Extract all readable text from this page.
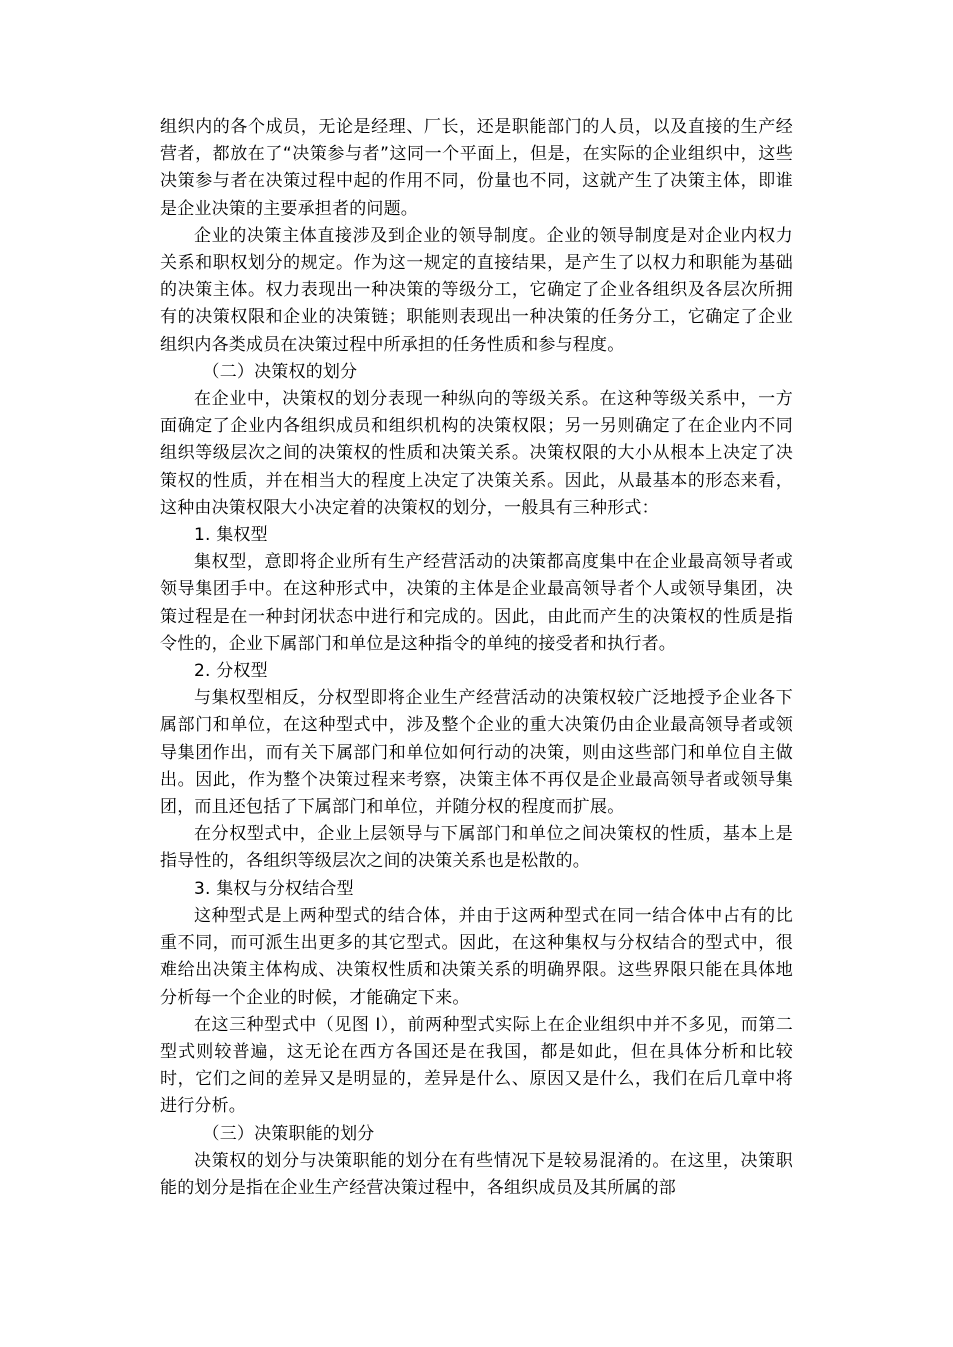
组织内的各个成员，无论是经理、厂长，还是职能部门的人员，以及直接的生产经营者，都放在了“决策参与者”这同一个平面上，但是，在实际的企业组织中，这些决策参与者在决策过程中起的作用不同，份量也不同，这就产生了决策主体，即谁是企业决策的主要承担者的问题。

企业的决策主体直接涉及到企业的领导制度。企业的领导制度是对企业内权力关系和职权划分的规定。作为这一规定的直接结果，是产生了以权力和职能为基础的决策主体。权力表现出一种决策的等级分工，它确定了企业各组织及各层次所拥有的决策权限和企业的决策链；职能则表现出一种决策的任务分工，它确定了企业组织内各类成员在决策过程中所承担的任务性质和参与程度。

（二）决策权的划分

在企业中，决策权的划分表现一种纵向的等级关系。在这种等级关系中，一方面确定了企业内各组织成员和组织机构的决策权限；另一另则确定了在企业内不同组织等级层次之间的决策权的性质和决策关系。决策权限的大小从根本上决定了决策权的性质，并在相当大的程度上决定了决策关系。因此，从最基本的形态来看，这种由决策权限大小决定着的决策权的划分，一般具有三种形式：

1. 集权型

集权型，意即将企业所有生产经营活动的决策都高度集中在企业最高领导者或领导集团手中。在这种形式中，决策的主体是企业最高领导者个人或领导集团，决策过程是在一种封闭状态中进行和完成的。因此，由此而产生的决策权的性质是指令性的，企业下属部门和单位是这种指令的单纯的接受者和执行者。

2. 分权型

与集权型相反，分权型即将企业生产经营活动的决策权较广泛地授予企业各下属部门和单位，在这种型式中，涉及整个企业的重大决策仍由企业最高领导者或领导集团作出，而有关下属部门和单位如何行动的决策，则由这些部门和单位自主做出。因此，作为整个决策过程来考察，决策主体不再仅是企业最高领导者或领导集团，而且还包括了下属部门和单位，并随分权的程度而扩展。

在分权型式中，企业上层领导与下属部门和单位之间决策权的性质，基本上是指导性的，各组织等级层次之间的决策关系也是松散的。

3. 集权与分权结合型

这种型式是上两种型式的结合体，并由于这两种型式在同一结合体中占有的比重不同，而可派生出更多的其它型式。因此，在这种集权与分权结合的型式中，很难给出决策主体构成、决策权性质和决策关系的明确界限。这些界限只能在具体地分析每一个企业的时候，才能确定下来。

在这三种型式中（见图 I），前两种型式实际上在企业组织中并不多见，而第二型式则较普遍，这无论在西方各国还是在我国，都是如此，但在具体分析和比较时，它们之间的差异又是明显的，差异是什么、原因又是什么，我们在后几章中将进行分析。

（三）决策职能的划分

决策权的划分与决策职能的划分在有些情况下是较易混淆的。在这里，决策职能的划分是指在企业生产经营决策过程中，各组织成员及其所属的部
